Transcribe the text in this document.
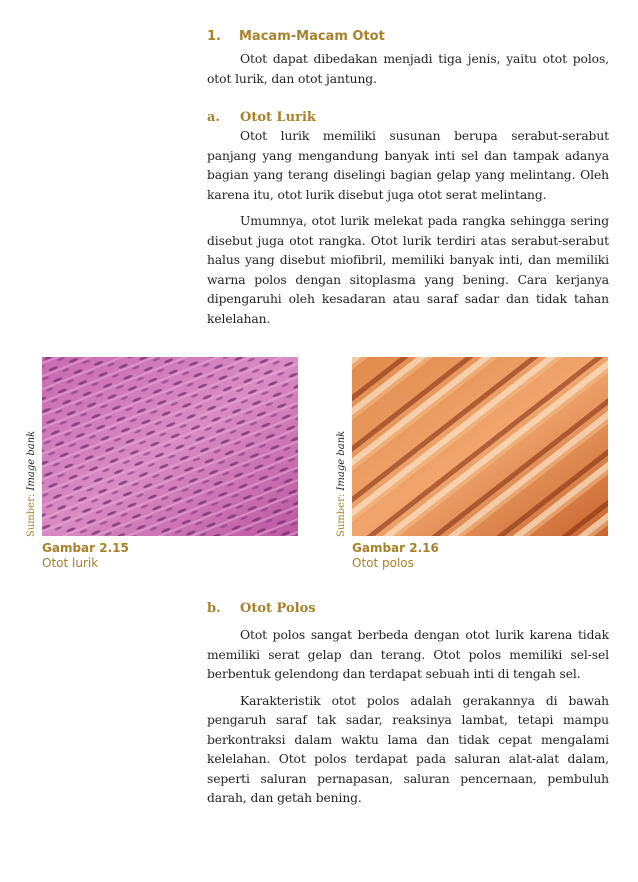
1. Macam-Macam Otot

Otot dapat dibedakan menjadi tiga jenis, yaitu otot polos, otot lurik, dan otot jantung.

a. Otot Lurik

Otot lurik memiliki susunan berupa serabut-serabut panjang yang mengandung banyak inti sel dan tampak adanya bagian yang terang diselingi bagian gelap yang melintang. Oleh karena itu, otot lurik disebut juga otot serat melintang.

Umumnya, otot lurik melekat pada rangka sehingga sering disebut juga otot rangka. Otot lurik terdiri atas serabut-serabut halus yang disebut miofibril, memiliki banyak inti, dan memiliki warna polos dengan sitoplasma yang bening. Cara kerjanya dipengaruhi oleh kesadaran atau saraf sadar dan tidak tahan kelelahan.

Sumber: Image bank
Gambar 2.15
Otot lurik
Sumber: Image bank
Gambar 2.16
Otot polos
b. Otot Polos

Otot polos sangat berbeda dengan otot lurik karena tidak memiliki serat gelap dan terang. Otot polos memiliki sel-sel berbentuk gelendong dan terdapat sebuah inti di tengah sel.

Karakteristik otot polos adalah gerakannya di bawah pengaruh saraf tak sadar, reaksinya lambat, tetapi mampu berkontraksi dalam waktu lama dan tidak cepat mengalami kelelahan. Otot polos terdapat pada saluran alat-alat dalam, seperti saluran pernapasan, saluran pencernaan, pembuluh darah, dan getah bening.
